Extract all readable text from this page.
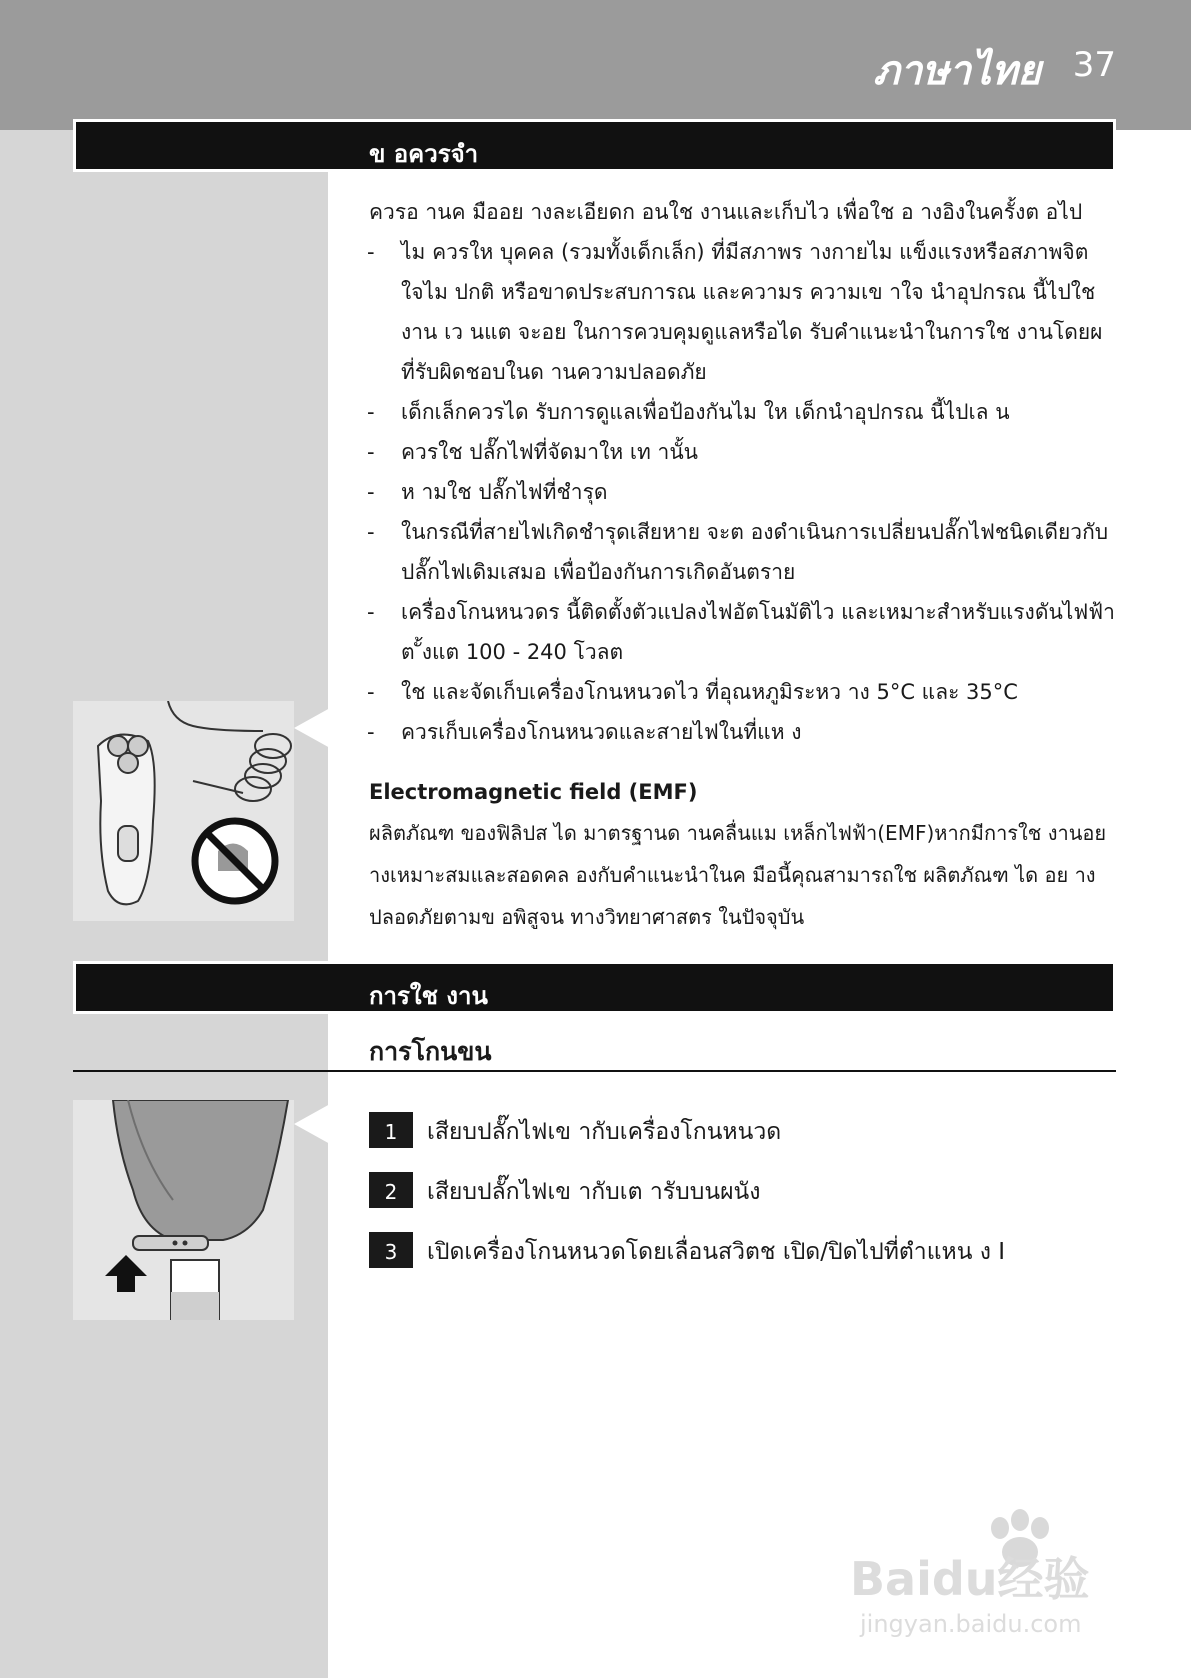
ภาษาไทย 37
ข อควรจำ
ควรอ านค มืออย างละเอียดก อนใช งานและเก็บไว เพื่อใช อ างอิงในครั้งต อไป
- ไม ควรให บุคคล (รวมทั้งเด็กเล็ก) ที่มีสภาพร างกายไม แข็งแรงหรือสภาพจิตใจไม ปกติ หรือขาดประสบการณ และความร ความเข าใจ นำอุปกรณ นี้ไปใช งาน เว นแต จะอย ในการควบคุมดูแลหรือได รับคำแนะนำในการใช งานโดยผ ที่รับผิดชอบในด านความปลอดภัย
- เด็กเล็กควรได รับการดูแลเพื่อป้องกันไม ให เด็กนำอุปกรณ นี้ไปเล น
- ควรใช ปลั๊กไฟที่จัดมาให เท านั้น
- ห ามใช ปลั๊กไฟที่ชำรุด
- ในกรณีที่สายไฟเกิดชำรุดเสียหาย จะต องดำเนินการเปลี่ยนปลั๊กไฟชนิดเดียวกับปลั๊กไฟเดิมเสมอ เพื่อป้องกันการเกิดอันตราย
- เครื่องโกนหนวดร นี้ติดตั้งตัวแปลงไฟอัตโนมัติไว และเหมาะสำหรับแรงดันไฟฟ้าต ั้งแต 100 - 240 โวลต
- ใช และจัดเก็บเครื่องโกนหนวดไว ที่อุณหภูมิระหว าง 5°C และ 35°C
- ควรเก็บเครื่องโกนหนวดและสายไฟในที่แห ง
Electromagnetic field (EMF)
ผลิตภัณฑ ของฟิลิปส ได มาตรฐานด านคลื่นแม เหล็กไฟฟ้า(EMF)หากมีการใช งานอย างเหมาะสมและสอดคล องกับคำแนะนำในค มือนี้คุณสามารถใช ผลิตภัณฑ ได อย างปลอดภัยตามข อพิสูจน ทางวิทยาศาสตร ในปัจจุบัน
การใช งาน
การโกนขน
1	เสียบปลั๊กไฟเข ากับเครื่องโกนหนวด
2	เสียบปลั๊กไฟเข ากับเต ารับบนผนัง
3	เปิดเครื่องโกนหนวดโดยเลื่อนสวิตช เปิด/ปิดไปที่ตำแหน ง I
Baidu经验
jingyan.baidu.com
